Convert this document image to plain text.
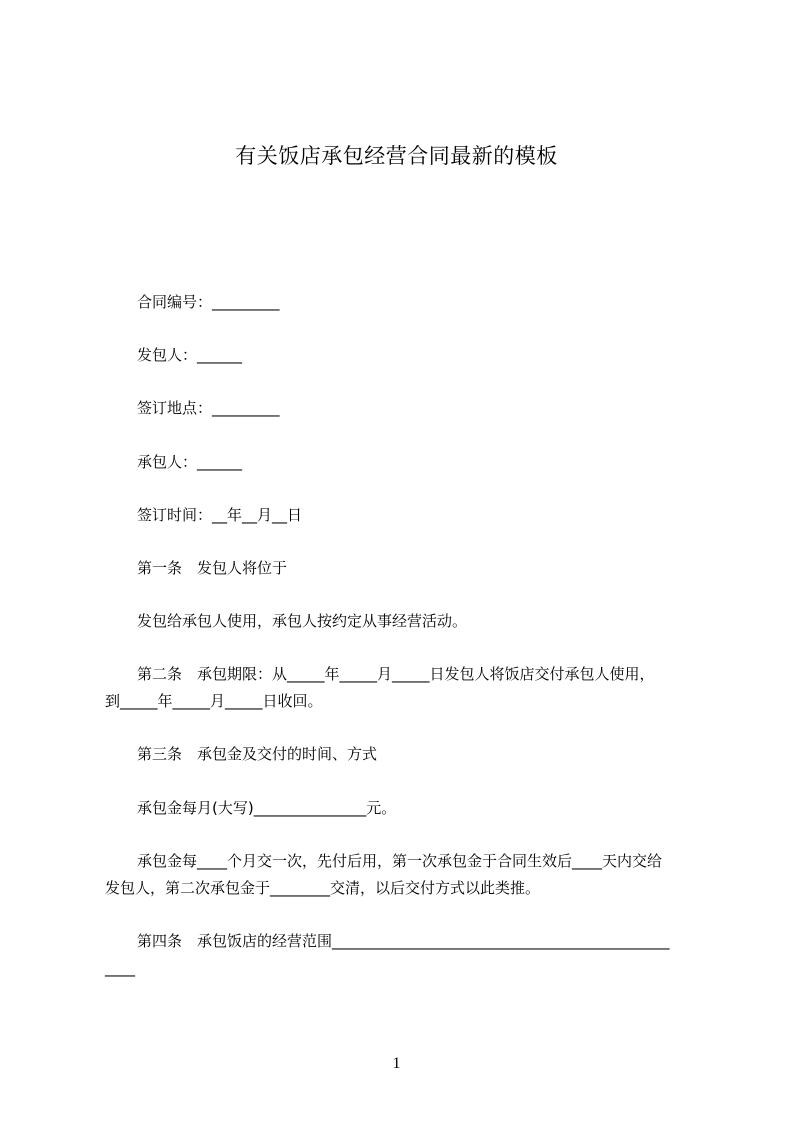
有关饭店承包经营合同最新的模板
合同编号：_________
发包人：______
签订地点：_________
承包人：______
签订时间：__年__月__日
第一条　发包人将位于
发包给承包人使用，承包人按约定从事经营活动。
第二条　承包期限：从_____年_____月_____日发包人将饭店交付承包人使用，
到_____年_____月_____日收回。
第三条　承包金及交付的时间、方式
承包金每月(大写)_______________元。
承包金每____个月交一次，先付后用，第一次承包金于合同生效后____天内交给
发包人，第二次承包金于________交清，以后交付方式以此类推。
第四条　承包饭店的经营范围_____________________________________________
____
1
